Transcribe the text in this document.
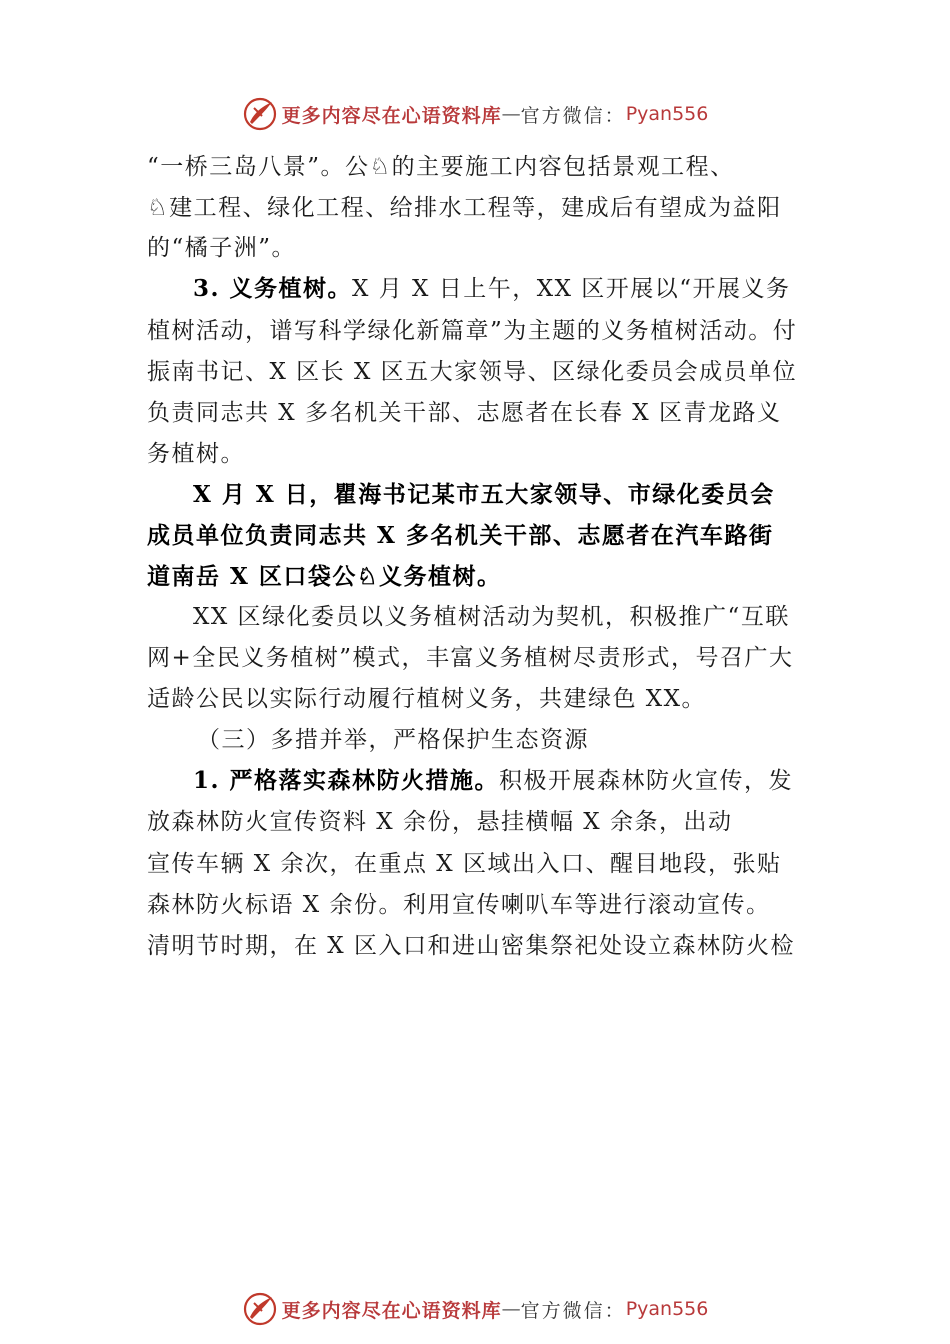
更多内容尽在心语资料库 — 官方微信： Pyan556
“一桥三岛八景”。公♘的主要施工内容包括景观工程、
♘建工程、绿化工程、给排水工程等，建成后有望成为益阳
的“橘子洲”。
3. 义务植树。X 月 X 日上午，XX 区开展以“开展义务
植树活动，谱写科学绿化新篇章”为主题的义务植树活动。付
振南书记、X 区长 X 区五大家领导、区绿化委员会成员单位
负责同志共 X 多名机关干部、志愿者在长春 X 区青龙路义
务植树。
X 月 X 日，瞿海书记某市五大家领导、市绿化委员会
成员单位负责同志共 X 多名机关干部、志愿者在汽车路街
道南岳 X 区口袋公♘义务植树。
XX 区绿化委员以义务植树活动为契机，积极推广“互联
网+全民义务植树”模式，丰富义务植树尽责形式，号召广大
适龄公民以实际行动履行植树义务，共建绿色 XX。
（三）多措并举，严格保护生态资源
1. 严格落实森林防火措施。积极开展森林防火宣传，发
放森林防火宣传资料 X 余份，悬挂横幅 X 余条，出动
宣传车辆 X 余次，在重点 X 区域出入口、醒目地段，张贴
森林防火标语 X 余份。利用宣传喇叭车等进行滚动宣传。
清明节时期，在 X 区入口和进山密集祭祀处设立森林防火检
更多内容尽在心语资料库 — 官方微信： Pyan556
